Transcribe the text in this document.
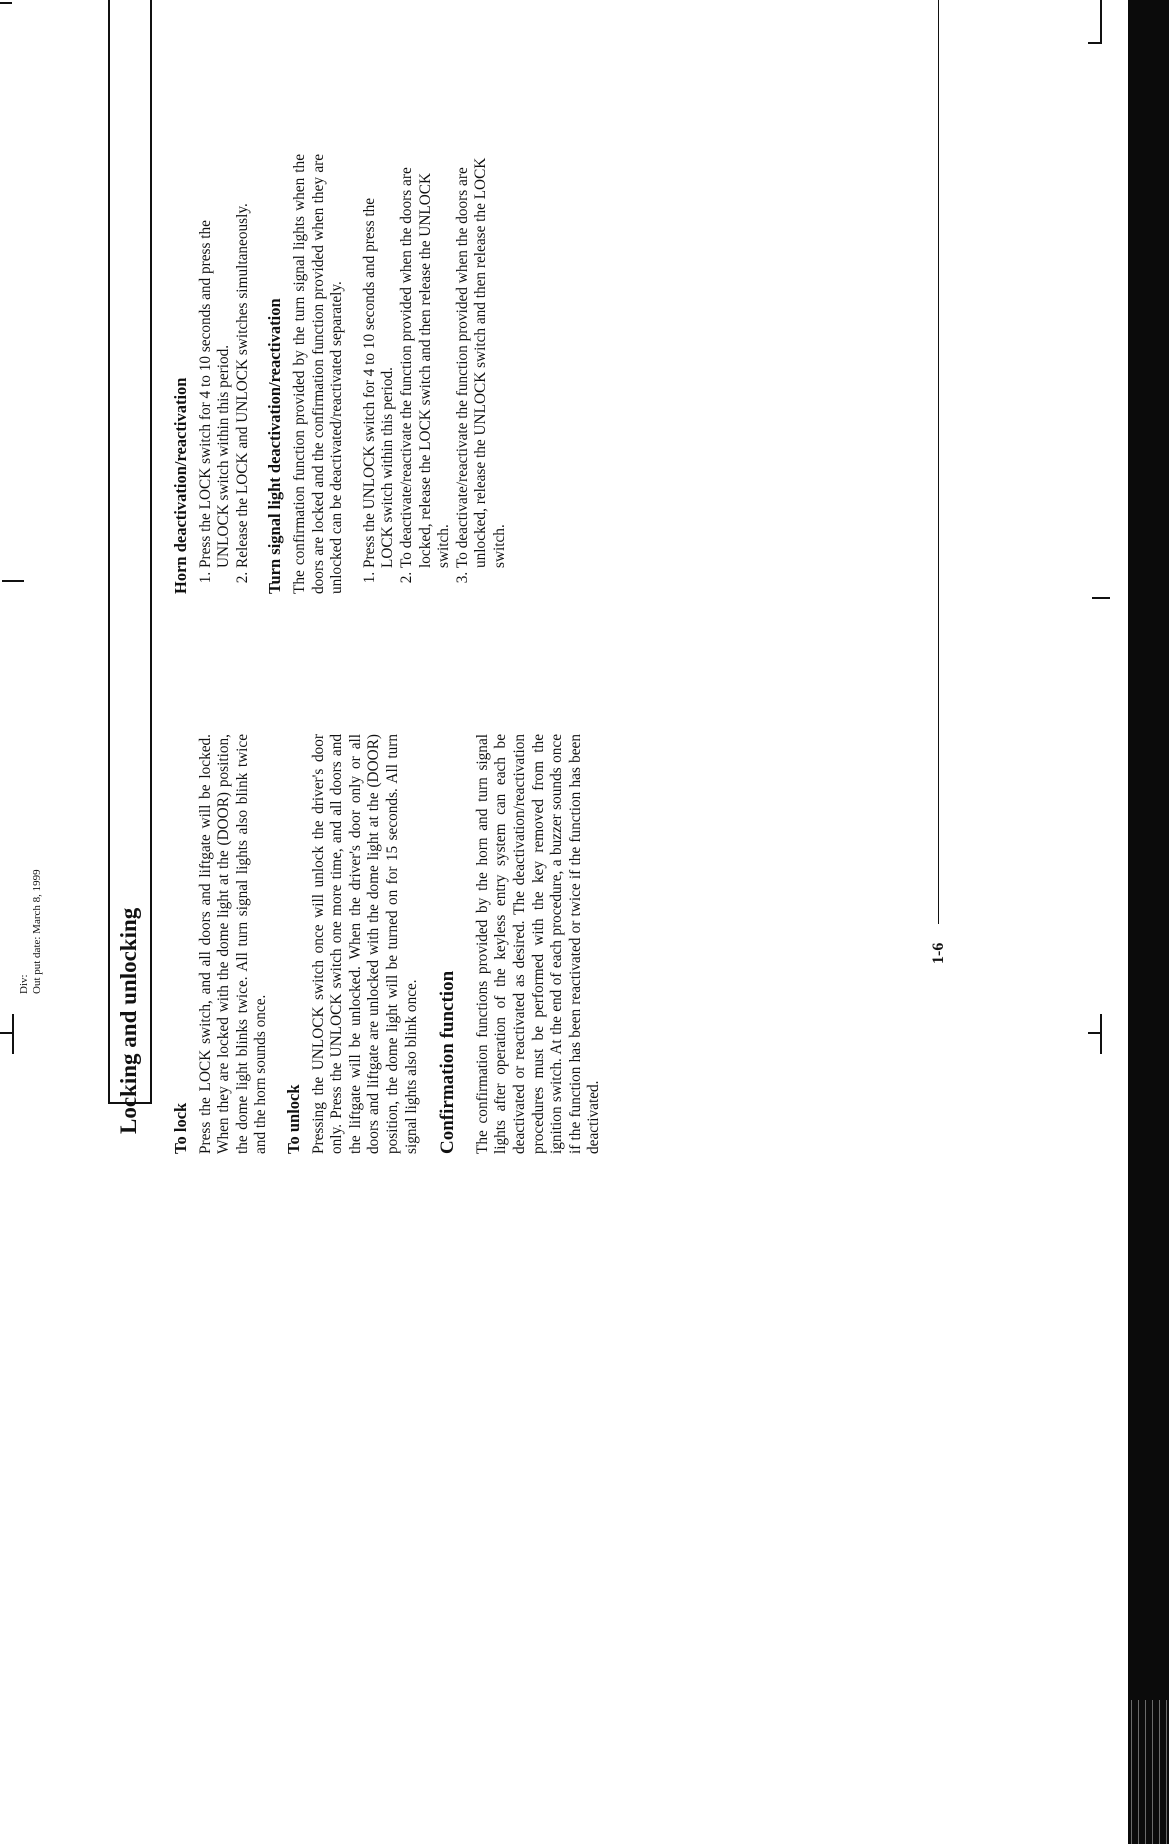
Div: Out put date: March 8, 1999	Locking and unlocking To lock Press the LOCK switch, and all doors and liftgate will be locked. When they are locked with the dome light at the (DOOR) position, the dome light blinks twice. All turn signal lights also blink twice and the horn sounds once. To unlock Pressing the UNLOCK switch once will unlock the driver's door only. Press the UNLOCK switch one more time, and all doors and the liftgate will be unlocked. When the driver's door only or all doors and liftgate are unlocked with the dome light at the (DOOR) position, the dome light will be turned on for 15 seconds. All turn signal lights also blink once. Confirmation function The confirmation functions provided by the horn and turn signal lights after operation of the keyless entry system can each be deactivated or reactivated as desired. The deactivation/reactivation procedures must be performed with the key removed from the ignition switch. At the end of each procedure, a buzzer sounds once if the function has been reactivated or twice if the function has been deactivated.

Horn deactivation/reactivation 1. Press the LOCK switch for 4 to 10 seconds and press the UNLOCK switch within this period. 2. Release the LOCK and UNLOCK switches simultaneously. Turn signal light deactivation/reactivation The confirmation function provided by the turn signal lights when the doors are locked and the confirmation function provided when they are unlocked can be deactivated/reactivated separately. 1. Press the UNLOCK switch for 4 to 10 seconds and press the LOCK switch within this period. 2. To deactivate/reactivate the function provided when the doors are locked, release the LOCK switch and then release the UNLOCK switch. 3. To deactivate/reactivate the function provided when the doors are unlocked, release the UNLOCK switch and then release the LOCK switch.
1-6
